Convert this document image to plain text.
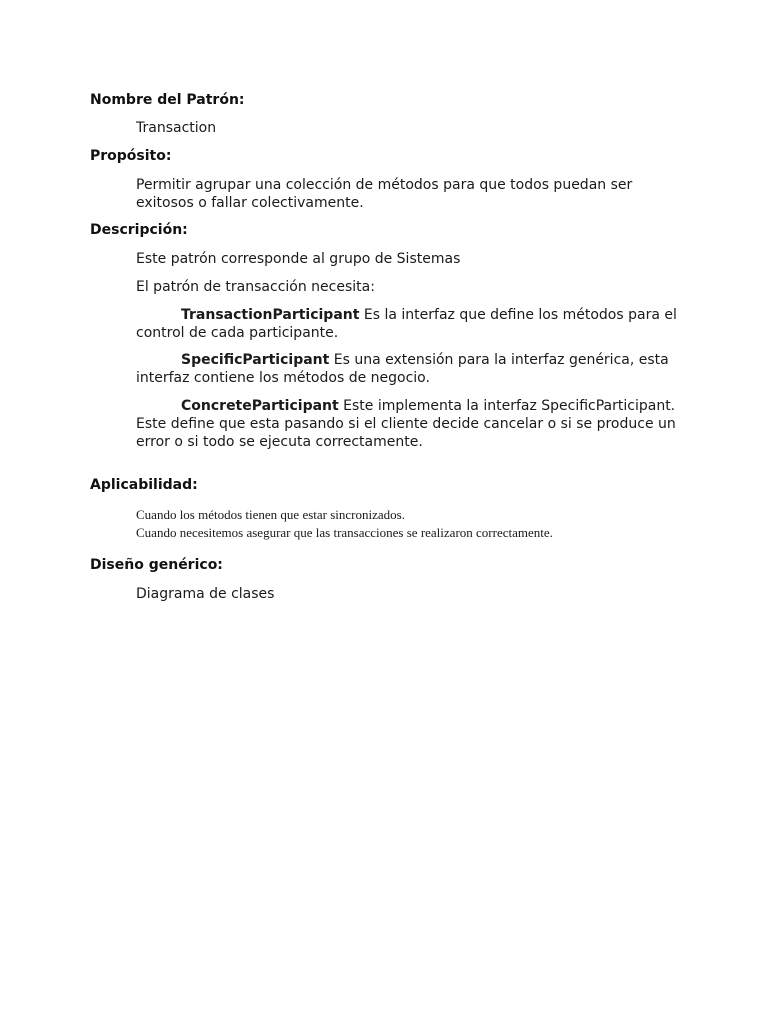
Nombre del Patrón:
Transaction
Propósito:
Permitir agrupar una colección de métodos para que todos puedan ser
exitosos o fallar colectivamente.
Descripción:
Este patrón corresponde al grupo de Sistemas
El patrón de transacción necesita:
TransactionParticipant Es la interfaz que define los métodos para el
control de cada participante.
SpecificParticipant Es una extensión para la interfaz genérica, esta
interfaz contiene los métodos de negocio.
ConcreteParticipant Este implementa la interfaz SpecificParticipant.
Este define que esta pasando si el cliente decide cancelar o si se produce un
error o si todo se ejecuta correctamente.
Aplicabilidad:
Cuando los métodos tienen que estar sincronizados.
Cuando necesitemos asegurar que las transacciones se realizaron correctamente.
Diseño genérico:
Diagrama de clases
